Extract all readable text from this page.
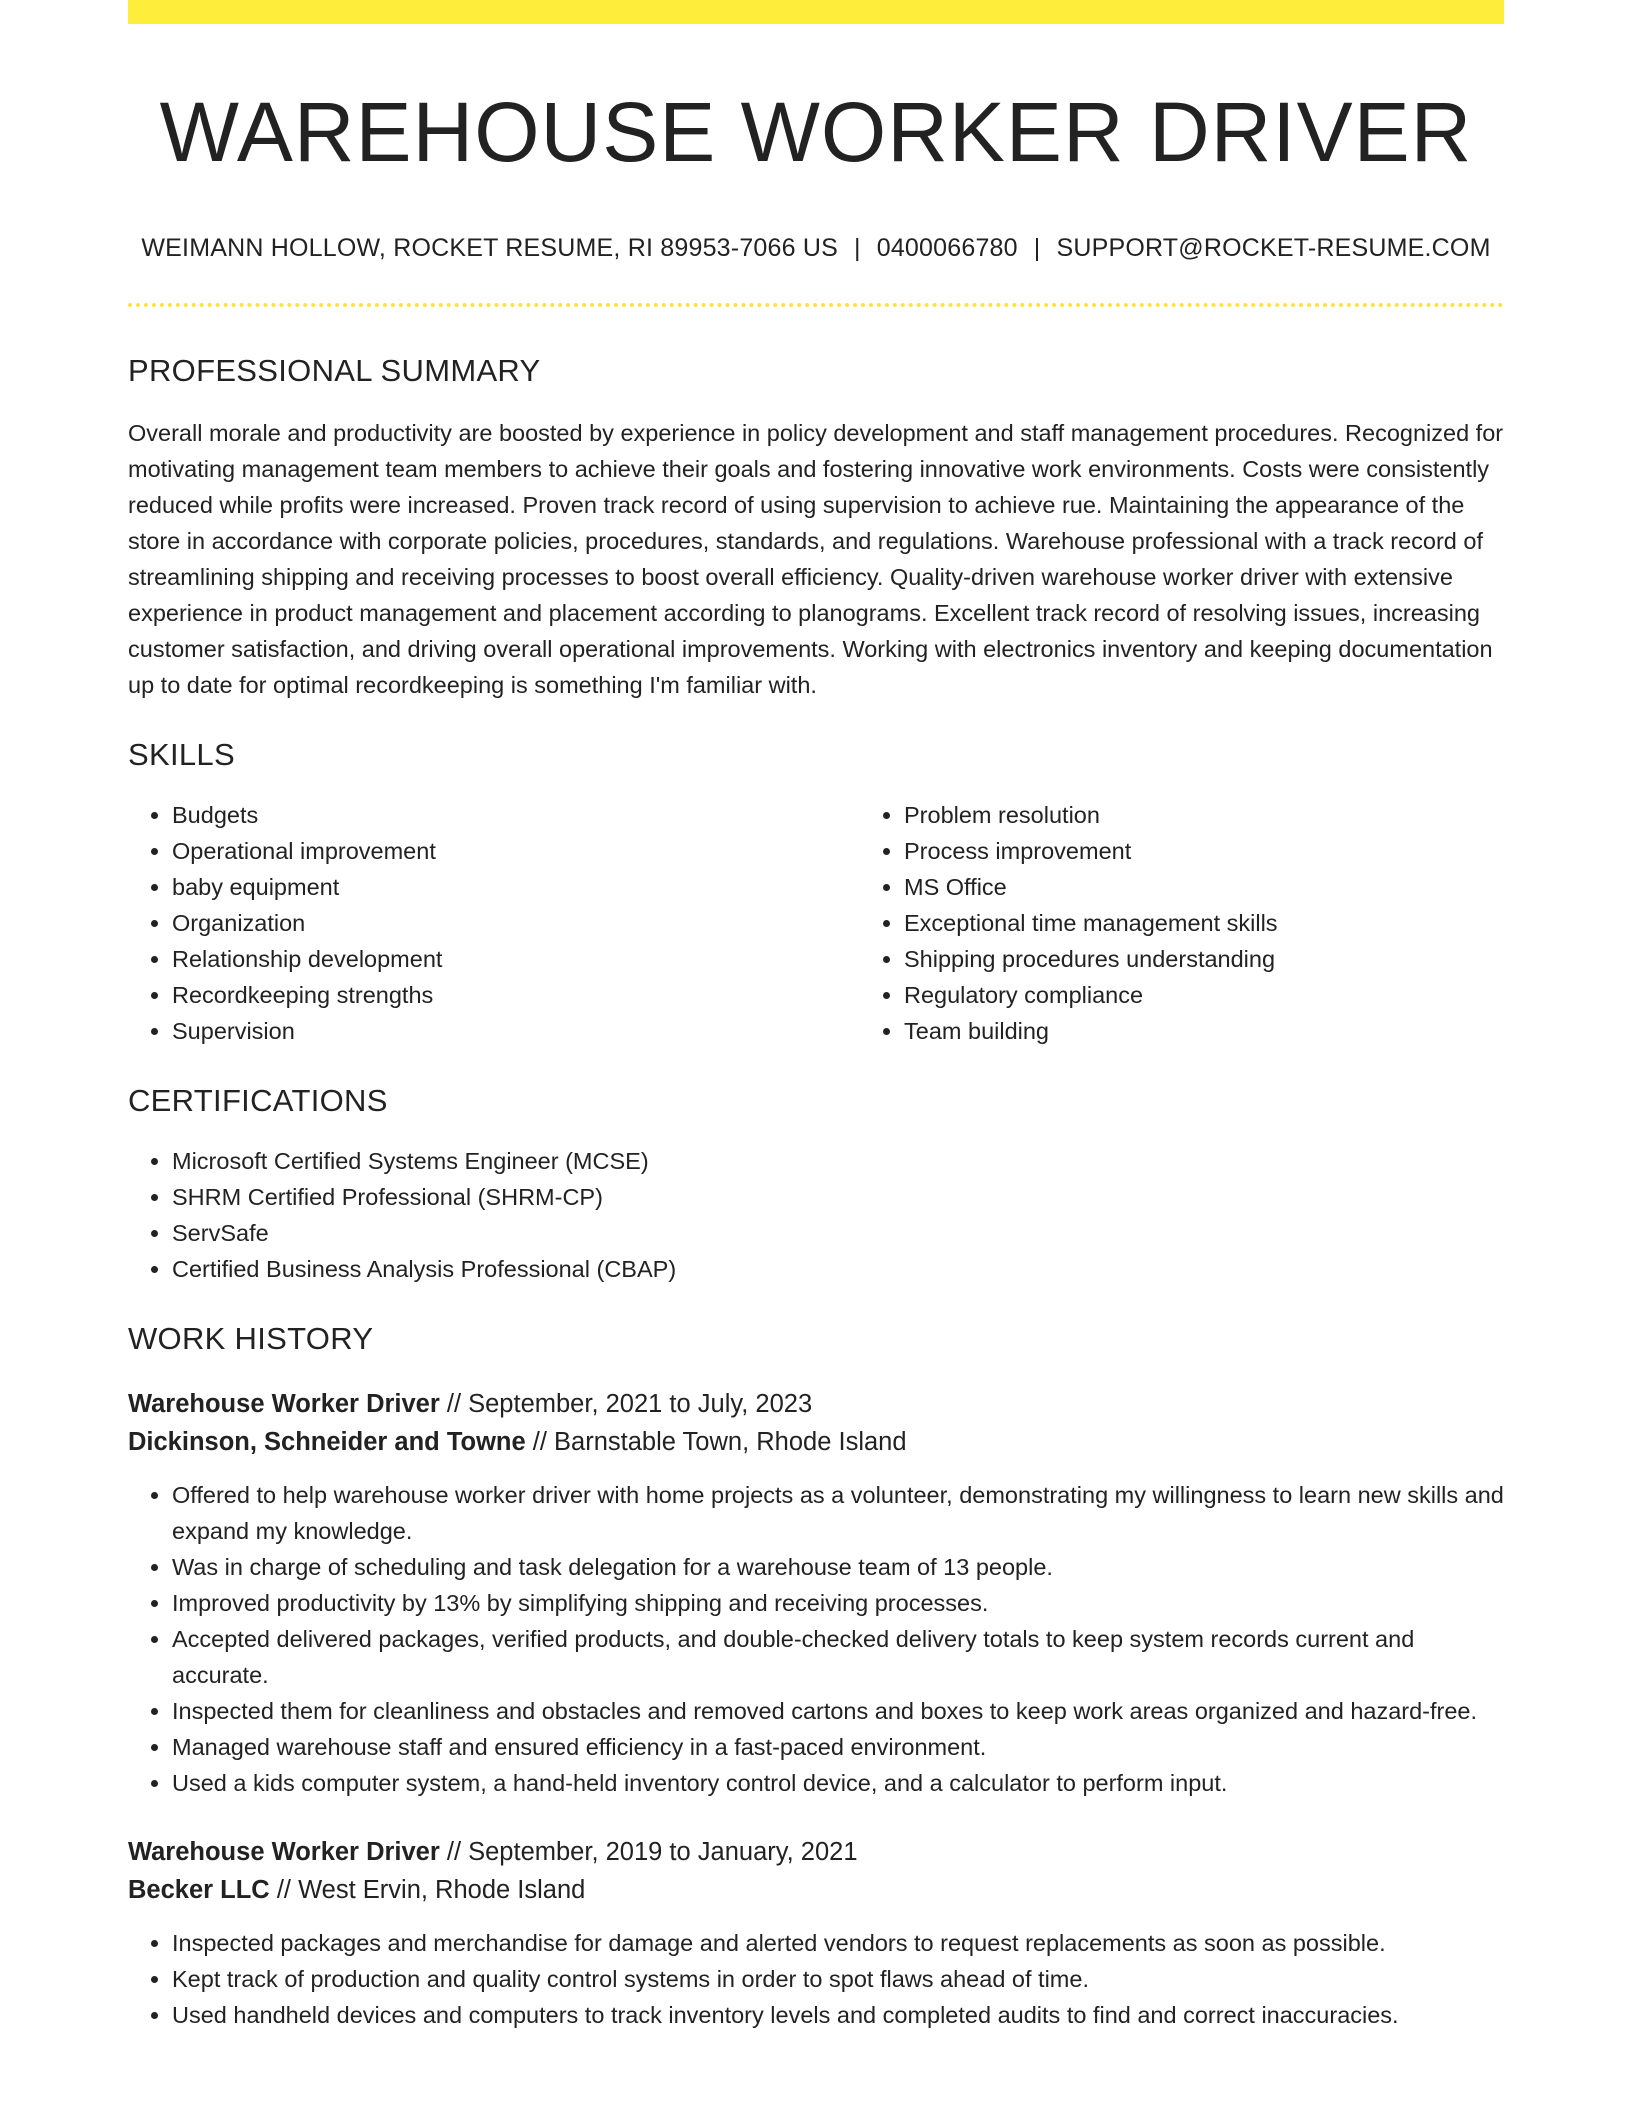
WAREHOUSE WORKER DRIVER
WEIMANN HOLLOW, ROCKET RESUME, RI 89953-7066 US | 0400066780 | SUPPORT@ROCKET-RESUME.COM
PROFESSIONAL SUMMARY
Overall morale and productivity are boosted by experience in policy development and staff management procedures. Recognized for motivating management team members to achieve their goals and fostering innovative work environments. Costs were consistently reduced while profits were increased. Proven track record of using supervision to achieve rue. Maintaining the appearance of the store in accordance with corporate policies, procedures, standards, and regulations. Warehouse professional with a track record of streamlining shipping and receiving processes to boost overall efficiency. Quality-driven warehouse worker driver with extensive experience in product management and placement according to planograms. Excellent track record of resolving issues, increasing customer satisfaction, and driving overall operational improvements. Working with electronics inventory and keeping documentation up to date for optimal recordkeeping is something I'm familiar with.
SKILLS
• Budgets
• Operational improvement
• baby equipment
• Organization
• Relationship development
• Recordkeeping strengths
• Supervision
• Problem resolution
• Process improvement
• MS Office
• Exceptional time management skills
• Shipping procedures understanding
• Regulatory compliance
• Team building
CERTIFICATIONS
• Microsoft Certified Systems Engineer (MCSE)
• SHRM Certified Professional (SHRM-CP)
• ServSafe
• Certified Business Analysis Professional (CBAP)
WORK HISTORY
Warehouse Worker Driver // September, 2021 to July, 2023
Dickinson, Schneider and Towne // Barnstable Town, Rhode Island
• Offered to help warehouse worker driver with home projects as a volunteer, demonstrating my willingness to learn new skills and expand my knowledge.
• Was in charge of scheduling and task delegation for a warehouse team of 13 people.
• Improved productivity by 13% by simplifying shipping and receiving processes.
• Accepted delivered packages, verified products, and double-checked delivery totals to keep system records current and accurate.
• Inspected them for cleanliness and obstacles and removed cartons and boxes to keep work areas organized and hazard-free.
• Managed warehouse staff and ensured efficiency in a fast-paced environment.
• Used a kids computer system, a hand-held inventory control device, and a calculator to perform input.
Warehouse Worker Driver // September, 2019 to January, 2021
Becker LLC // West Ervin, Rhode Island
• Inspected packages and merchandise for damage and alerted vendors to request replacements as soon as possible.
• Kept track of production and quality control systems in order to spot flaws ahead of time.
• Used handheld devices and computers to track inventory levels and completed audits to find and correct inaccuracies.
